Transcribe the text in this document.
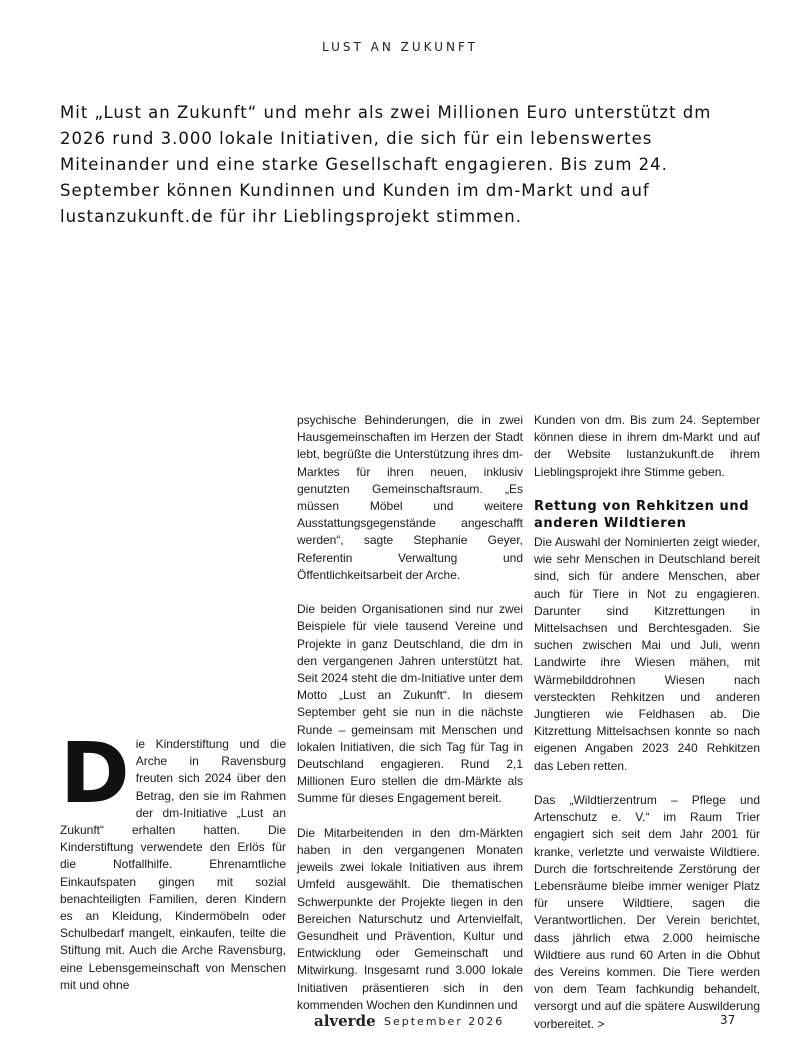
LUST AN ZUKUNFT

Mit „Lust an Zukunft“ und mehr als zwei Millionen Euro unterstützt dm 2026 rund 3.000 lokale Initiativen, die sich für ein lebenswertes Miteinander und eine starke Gesellschaft engagieren. Bis zum 24. September können Kundinnen und Kunden im dm-Markt und auf lustanzukunft.de für ihr Lieblingsprojekt stimmen.

D ie Kinderstiftung und die Arche in Ravensburg freuten sich 2024 über den Betrag, den sie im Rahmen der dm-Initiative „Lust an Zukunft“ erhalten hatten. Die Kinderstiftung verwendete den Erlös für die Notfallhilfe. Ehrenamtliche Einkaufspaten gingen mit sozial benachteiligten Familien, deren Kindern es an Kleidung, Kindermöbeln oder Schulbedarf mangelt, einkaufen, teilte die Stiftung mit. Auch die Arche Ravensburg, eine Lebensgemeinschaft von Menschen mit und ohne

psychische Behinderungen, die in zwei Hausgemeinschaften im Herzen der Stadt lebt, begrüßte die Unterstützung ihres dm-Marktes für ihren neuen, inklusiv genutzten Gemeinschaftsraum. „Es müssen Möbel und weitere Ausstattungsgegenstände angeschafft werden“, sagte Stephanie Geyer, Referentin Verwaltung und Öffentlichkeitsarbeit der Arche.

Die beiden Organisationen sind nur zwei Beispiele für viele tausend Vereine und Projekte in ganz Deutschland, die dm in den vergangenen Jahren unterstützt hat. Seit 2024 steht die dm-Initiative unter dem Motto „Lust an Zukunft“. In diesem September geht sie nun in die nächste Runde – gemeinsam mit Menschen und lokalen Initiativen, die sich Tag für Tag in Deutschland engagieren. Rund 2,1 Millionen Euro stellen die dm-Märkte als Summe für dieses Engagement bereit.

Die Mitarbeitenden in den dm-Märkten haben in den vergangenen Monaten jeweils zwei lokale Initiativen aus ihrem Umfeld ausgewählt. Die thematischen Schwerpunkte der Projekte liegen in den Bereichen Naturschutz und Artenvielfalt, Gesundheit und Prävention, Kultur und Entwicklung oder Gemeinschaft und Mitwirkung. Insgesamt rund 3.000 lokale Initiativen präsentieren sich in den kommenden Wochen den Kundinnen und

Kunden von dm. Bis zum 24. September können diese in ihrem dm-Markt und auf der Website lustanzukunft.de ihrem Lieblingsprojekt ihre Stimme geben.

Rettung von Rehkitzen und anderen Wildtieren

Die Auswahl der Nominierten zeigt wieder, wie sehr Menschen in Deutschland bereit sind, sich für andere Menschen, aber auch für Tiere in Not zu engagieren. Darunter sind Kitzrettungen in Mittelsachsen und Berchtesgaden. Sie suchen zwischen Mai und Juli, wenn Landwirte ihre Wiesen mähen, mit Wärmebilddrohnen Wiesen nach versteckten Rehkitzen und anderen Jungtieren wie Feldhasen ab. Die Kitzrettung Mittelsachsen konnte so nach eigenen Angaben 2023 240 Rehkitzen das Leben retten.

Das „Wildtierzentrum – Pflege und Artenschutz e. V.“ im Raum Trier engagiert sich seit dem Jahr 2001 für kranke, verletzte und verwaiste Wildtiere. Durch die fortschreitende Zerstörung der Lebensräume bleibe immer weniger Platz für unsere Wildtiere, sagen die Verantwortlichen. Der Verein berichtet, dass jährlich etwa 2.000 heimische Wildtiere aus rund 60 Arten in die Obhut des Vereins kommen. Die Tiere werden von dem Team fachkundig behandelt, versorgt und auf die spätere Auswilderung vorbereitet. >

alverde September 2026	37
